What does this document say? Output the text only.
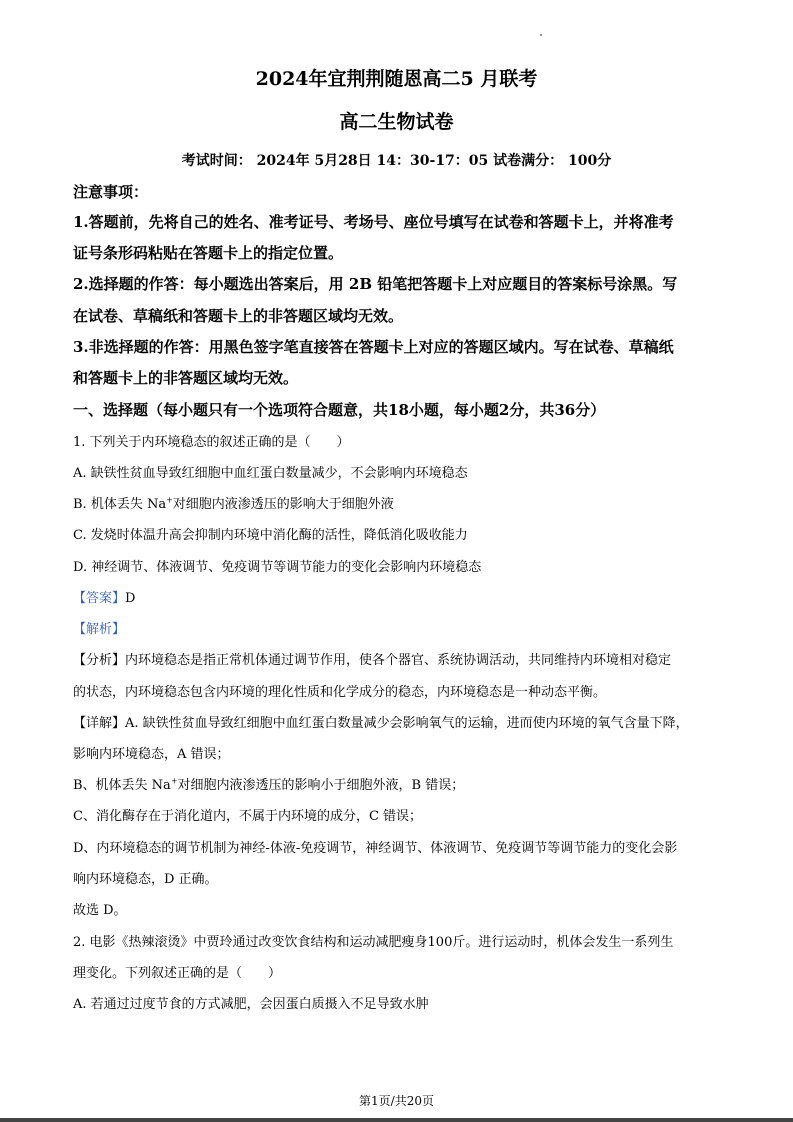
2024年宜荆荆随恩高二5 月联考
高二生物试卷
考试时间： 2024年 5月28日 14：30-17：05 试卷满分： 100分
注意事项：
1.答题前，先将自己的姓名、准考证号、考场号、座位号填写在试卷和答题卡上，并将准考
证号条形码粘贴在答题卡上的指定位置。
2.选择题的作答：每小题选出答案后，用 2B 铅笔把答题卡上对应题目的答案标号涂黑。写
在试卷、草稿纸和答题卡上的非答题区域均无效。
3.非选择题的作答：用黑色签字笔直接答在答题卡上对应的答题区域内。写在试卷、草稿纸
和答题卡上的非答题区域均无效。
一、选择题（每小题只有一个选项符合题意，共18小题，每小题2分，共36分）
1. 下列关于内环境稳态的叙述正确的是（　　）
A. 缺铁性贫血导致红细胞中血红蛋白数量减少，不会影响内环境稳态
B. 机体丢失 Na+对细胞内液渗透压的影响大于细胞外液
C. 发烧时体温升高会抑制内环境中消化酶的活性，降低消化吸收能力
D. 神经调节、体液调节、免疫调节等调节能力的变化会影响内环境稳态
【答案】D
【解析】
【分析】内环境稳态是指正常机体通过调节作用，使各个器官、系统协调活动，共同维持内环境相对稳定
的状态，内环境稳态包含内环境的理化性质和化学成分的稳态，内环境稳态是一种动态平衡。
【详解】A. 缺铁性贫血导致红细胞中血红蛋白数量减少会影响氧气的运输，进而使内环境的氧气含量下降，
影响内环境稳态，A 错误；
B、机体丢失 Na+对细胞内液渗透压的影响小于细胞外液，B 错误；
C、消化酶存在于消化道内，不属于内环境的成分，C 错误；
D、内环境稳态的调节机制为神经-体液-免疫调节，神经调节、体液调节、免疫调节等调节能力的变化会影
响内环境稳态，D 正确。
故选 D。
2. 电影《热辣滚烫》中贾玲通过改变饮食结构和运动减肥瘦身100斤。进行运动时，机体会发生一系列生
理变化。下列叙述正确的是（　　）
A. 若通过过度节食的方式减肥，会因蛋白质摄入不足导致水肿
第1页/共20页
